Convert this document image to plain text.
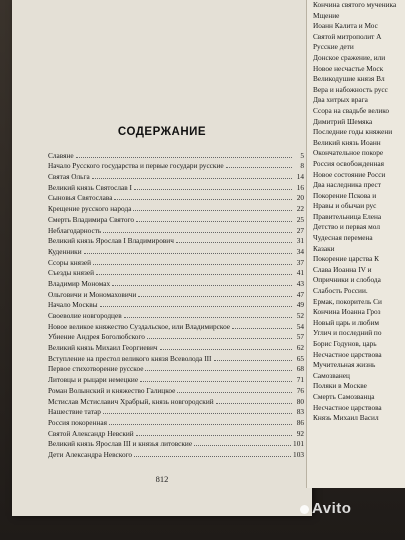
СОДЕРЖАНИЕ
Славяне	5
Начало Русского государства и первые государи русские	8
Святая Ольга	14
Великий князь Святослав I	16
Сыновья Святослава	20
Крещение русского народа	22
Смерть Владимира Святого	25
Неблагодарность	27
Великий князь Ярослав I Владимирович	31
Куденники	34
Ссоры князей	37
Съезды князей	41
Владимир Мономах	43
Ольговичи и Мономаховичи	47
Начало Москвы	49
Своеволие новгородцев	52
Новое великое княжество Суздальское, или Владимирское	54
Убиение Андрея Боголюбского	57
Великий князь Михаил Георгиевич	62
Вступление на престол великого князя Всеволода III	65
Первое стихотворение русское	68
Литовцы и рыцари немецкие	71
Роман Волынский и княжество Галицкое	76
Мстислав Мстиславич Храбрый, князь новгородский	80
Нашествие татар	83
Россия покоренная	86
Святой Александр Невский	92
Великий князь Ярослав III и князья литовские	101
Дети Александра Невского	103
812
Кончина святого мученика
Мщение
Иоанн Калита и Мос
Святой митрополит А
Русские дети
Донское сражение, или
Новое несчастье Моск
Великодушие князя Вл
Вера и набожность русс
Два хитрых врага
Ссора на свадьбе велико
Димитрий Шемяка
Последние годы княжени
Великий князь Иоанн
Окончательное покоре
Россия освобожденная
Новое состояние Росси
Два наследника прест
Покорение Пскова и
Нравы и обычаи рус
Правительница Елена
Детство и первая мол
Чудесная перемена
Казаки
Покорение царства К
Слава Иоанна IV и
Опричники и слобода
Слабость России.
Ермак, покоритель Си
Кончина Иоанна Гроз
Новый царь и любим
Углич и последний по
Борис Годунов, царь
Несчастное царствова
Мучительная жизнь
Самозванец
Поляки в Москве
Смерть Самозванца
Несчастное царствова
Князь Михаил Васил
Avito
